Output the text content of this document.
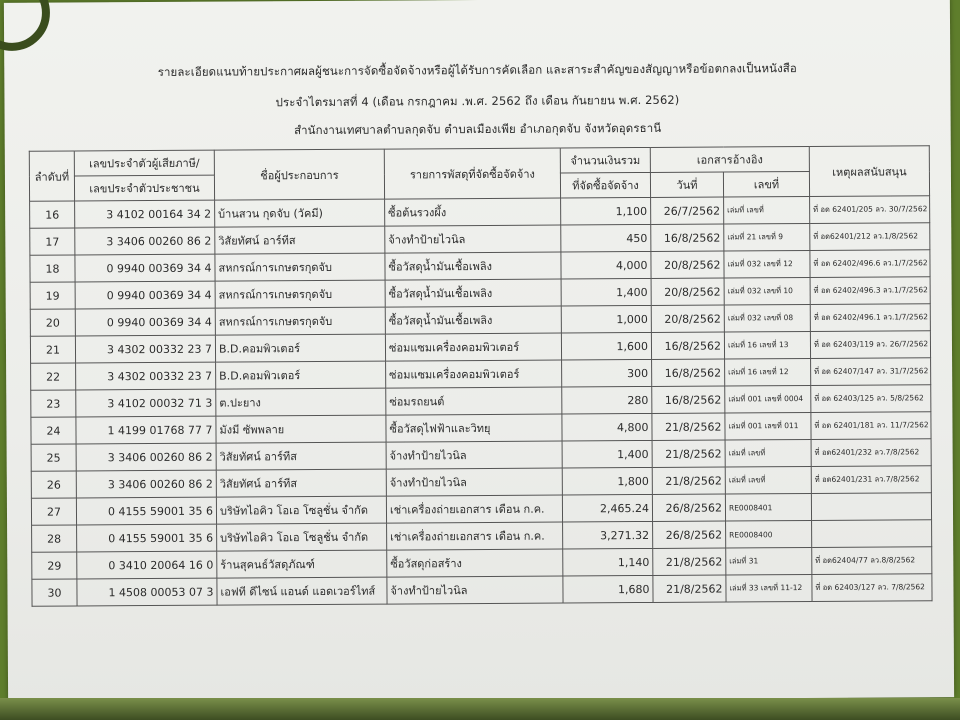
รายละเอียดแนบท้ายประกาศผลผู้ชนะการจัดซื้อจัดจ้างหรือผู้ได้รับการคัดเลือก และสาระสำคัญของสัญญาหรือข้อตกลงเป็นหนังสือ
ประจำไตรมาสที่ 4 (เดือน กรกฎาคม .พ.ศ. 2562 ถึง เดือน กันยายน พ.ศ. 2562)
สำนักงานเทศบาลตำบลกุดจับ ตำบลเมืองเพีย อำเภอกุดจับ จังหวัดอุดรธานี
ลำดับที่	เลขประจำตัวผู้เสียภาษี/	ชื่อผู้ประกอบการ	รายการพัสดุที่จัดซื้อจัดจ้าง	จำนวนเงินรวม	เอกสารอ้างอิง		เหตุผลสนับสนุน
	เลขประจำตัวประชาชน			ที่จัดซื้อจัดจ้าง	วันที่	เลขที่	
16	3 4102 00164 34 2	บ้านสวน กุดจับ (วัคมี)	ซื้อต้นรวงผึ้ง	1,100	26/7/2562	เล่มที่ เลขที่	ที่ อด 62401/205 ลว. 30/7/2562
17	3 3406 00260 86 2	วิสัยทัศน์ อาร์ทีส	จ้างทำป้ายไวนิล	450	16/8/2562	เล่มที่ 21 เลขที่ 9	ที่ อด62401/212 ลว.1/8/2562
18	0 9940 00369 34 4	สหกรณ์การเกษตรกุดจับ	ซื้อวัสดุน้ำมันเชื้อเพลิง	4,000	20/8/2562	เล่มที่ 032 เลขที่ 12	ที่ อด 62402/496.6 ลว.1/7/2562
19	0 9940 00369 34 4	สหกรณ์การเกษตรกุดจับ	ซื้อวัสดุน้ำมันเชื้อเพลิง	1,400	20/8/2562	เล่มที่ 032 เลขที่ 10	ที่ อด 62402/496.3 ลว.1/7/2562
20	0 9940 00369 34 4	สหกรณ์การเกษตรกุดจับ	ซื้อวัสดุน้ำมันเชื้อเพลิง	1,000	20/8/2562	เล่มที่ 032 เลขที่ 08	ที่ อด 62402/496.1 ลว.1/7/2562
21	3 4302 00332 23 7	B.D.คอมพิวเตอร์	ซ่อมแซมเครื่องคอมพิวเตอร์	1,600	16/8/2562	เล่มที่ 16 เลขที่ 13	ที่ อด 62403/119 ลว. 26/7/2562
22	3 4302 00332 23 7	B.D.คอมพิวเตอร์	ซ่อมแซมเครื่องคอมพิวเตอร์	300	16/8/2562	เล่มที่ 16 เลขที่ 12	ที่ อด 62407/147 ลว. 31/7/2562
23	3 4102 00032 71 3	ต.ปะยาง	ซ่อมรถยนต์	280	16/8/2562	เล่มที่ 001 เลขที่ 0004	ที่ อด 62403/125 ลว. 5/8/2562
24	1 4199 01768 77 7	มังมี ซัพพลาย	ซื้อวัสดุไฟฟ้าและวิทยุ	4,800	21/8/2562	เล่มที่ 001 เลขที่ 011	ที่ อด 62401/181 ลว. 11/7/2562
25	3 3406 00260 86 2	วิสัยทัศน์ อาร์ทีส	จ้างทำป้ายไวนิล	1,400	21/8/2562	เล่มที่ เลขที่	ที่ อด62401/232 ลว.7/8/2562
26	3 3406 00260 86 2	วิสัยทัศน์ อาร์ทีส	จ้างทำป้ายไวนิล	1,800	21/8/2562	เล่มที่ เลขที่	ที่ อด62401/231 ลว.7/8/2562
27	0 4155 59001 35 6	บริษัทไอคิว โอเอ โซลูชั่น จำกัด	เช่าเครื่องถ่ายเอกสาร เดือน ก.ค.	2,465.24	26/8/2562	RE0008401	
28	0 4155 59001 35 6	บริษัทไอคิว โอเอ โซลูชั่น จำกัด	เช่าเครื่องถ่ายเอกสาร เดือน ก.ค.	3,271.32	26/8/2562	RE0008400	
29	0 3410 20064 16 0	ร้านสุคนธ์วัสดุภัณฑ์	ซื้อวัสดุก่อสร้าง	1,140	21/8/2562	เล่มที่ 31	ที่ อด62404/77 ลว.8/8/2562
30	1 4508 00053 07 3	เอฟที ดีไซน์ แอนด์ แอดเวอร์ไทส์	จ้างทำป้ายไวนิล	1,680	21/8/2562	เล่มที่ 33 เลขที่ 11-12	ที่ อด 62403/127 ลว. 7/8/2562
